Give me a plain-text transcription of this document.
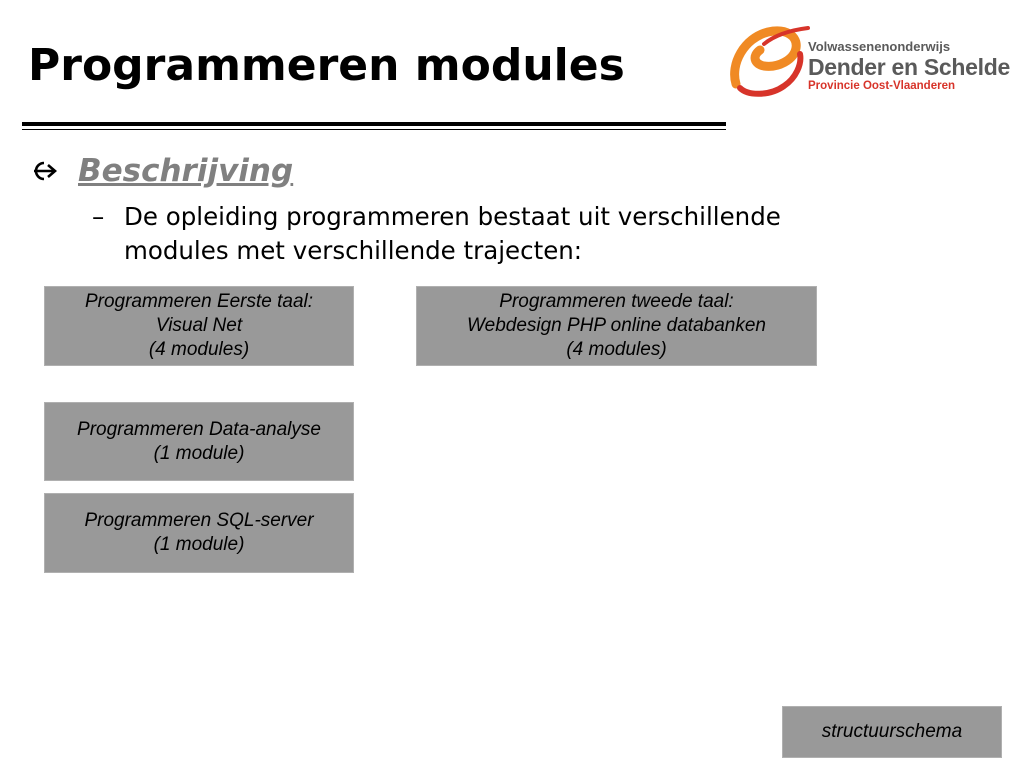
Programmeren modules	Volwassenenonderwijs
Dender en Schelde
Provincie Oost-Vlaanderen
Beschrijving
– De opleiding programmeren bestaat uit verschillende
modules met verschillende trajecten:
Programmeren Eerste taal:
Visual Net
(4 modules)
Programmeren tweede taal:
Webdesign PHP online databanken
(4 modules)
Programmeren Data-analyse
(1 module)
Programmeren SQL-server
(1 module)
structuurschema
